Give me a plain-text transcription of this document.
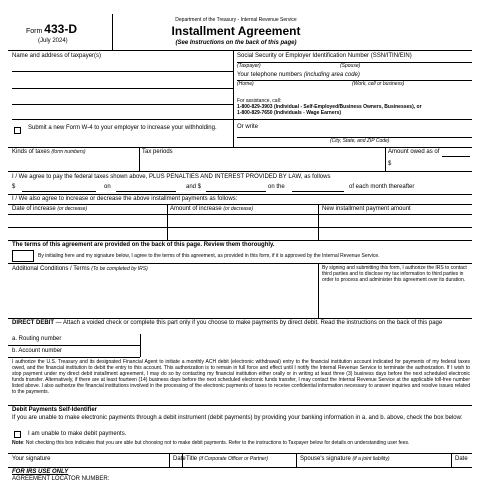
Form 433-D
(July 2024)
Department of the Treasury - Internal Revenue Service
Installment Agreement
(See Instructions on the back of this page)
Name and address of taxpayer(s)	Social Security or Employer Identification Number (SSN/ITIN/EIN)
(Taxpayer)	(Spouse)
Your telephone numbers (including area code)
(Home)	(Work, cell or business)
For assistance, call:
1-800-829-3903 (Individual - Self-Employed/Business Owners, Businesses), or
1-800-829-7650 (Individuals - Wage Earners)
Submit a new Form W-4 to your employer to increase your withholding.	Or write
(City, State, and ZIP Code)
Kinds of taxes (form numbers)	Tax periods	Amount owed as of
$
I / We agree to pay the federal taxes shown above, PLUS PENALTIES AND INTEREST PROVIDED BY LAW, as follows
$	on	and $	on the	of each month thereafter
I / We also agree to increase or decrease the above installment payments as follows:
Date of increase (or decrease)	Amount of increase (or decrease)	New installment payment amount
The terms of this agreement are provided on the back of this page. Review them thoroughly.
By initialing here and my signature below, I agree to the terms of this agreement, as provided in this form, if it is approved by the Internal Revenue Service.
Additional Conditions / Terms (To be completed by IRS)	By signing and submitting this form, I authorize the IRS to contact third parties and to disclose my tax information to third parties in order to process and administer this agreement over its duration.
DIRECT DEBIT — Attach a voided check or complete this part only if you choose to make payments by direct debit. Read the instructions on the back of this page
a. Routing number
b. Account number
I authorize the U.S. Treasury and its designated Financial Agent to initiate a monthly ACH debit (electronic withdrawal) entry to the financial institution account indicated for payments of my federal taxes owed, and the financial institution to debit the entry to this account. This authorization is to remain in full force and effect until I notify the Internal Revenue Service to terminate the authorization. If I wish to stop payment under my direct debit installment agreement, I may do so by contacting my financial institution either orally or in writing at least three (3) business days before the next scheduled electronic funds transfer. Alternatively, if there are at least fourteen (14) business days before the next scheduled electronic funds transfer, I may contact the Internal Revenue Service at the applicable toll-free number listed above. I also authorize the financial institutions involved in the processing of the electronic payments of taxes to receive confidential information necessary to answer inquiries and resolve issues related to the payments.
Debit Payments Self-Identifier
If you are unable to make electronic payments through a debit instrument (debit payments) by providing your banking information in a. and b. above, check the box below:
I am unable to make debit payments.
Note: Not checking this box indicates that you are able but choosing not to make debit payments. Refer to the instructions to Taxpayer below for details on understanding user fees.
Your signature	Date Title (if Corporate Officer or Partner)	Spouse's signature (if a joint liability)	Date
FOR IRS USE ONLY
AGREEMENT LOCATOR NUMBER:
